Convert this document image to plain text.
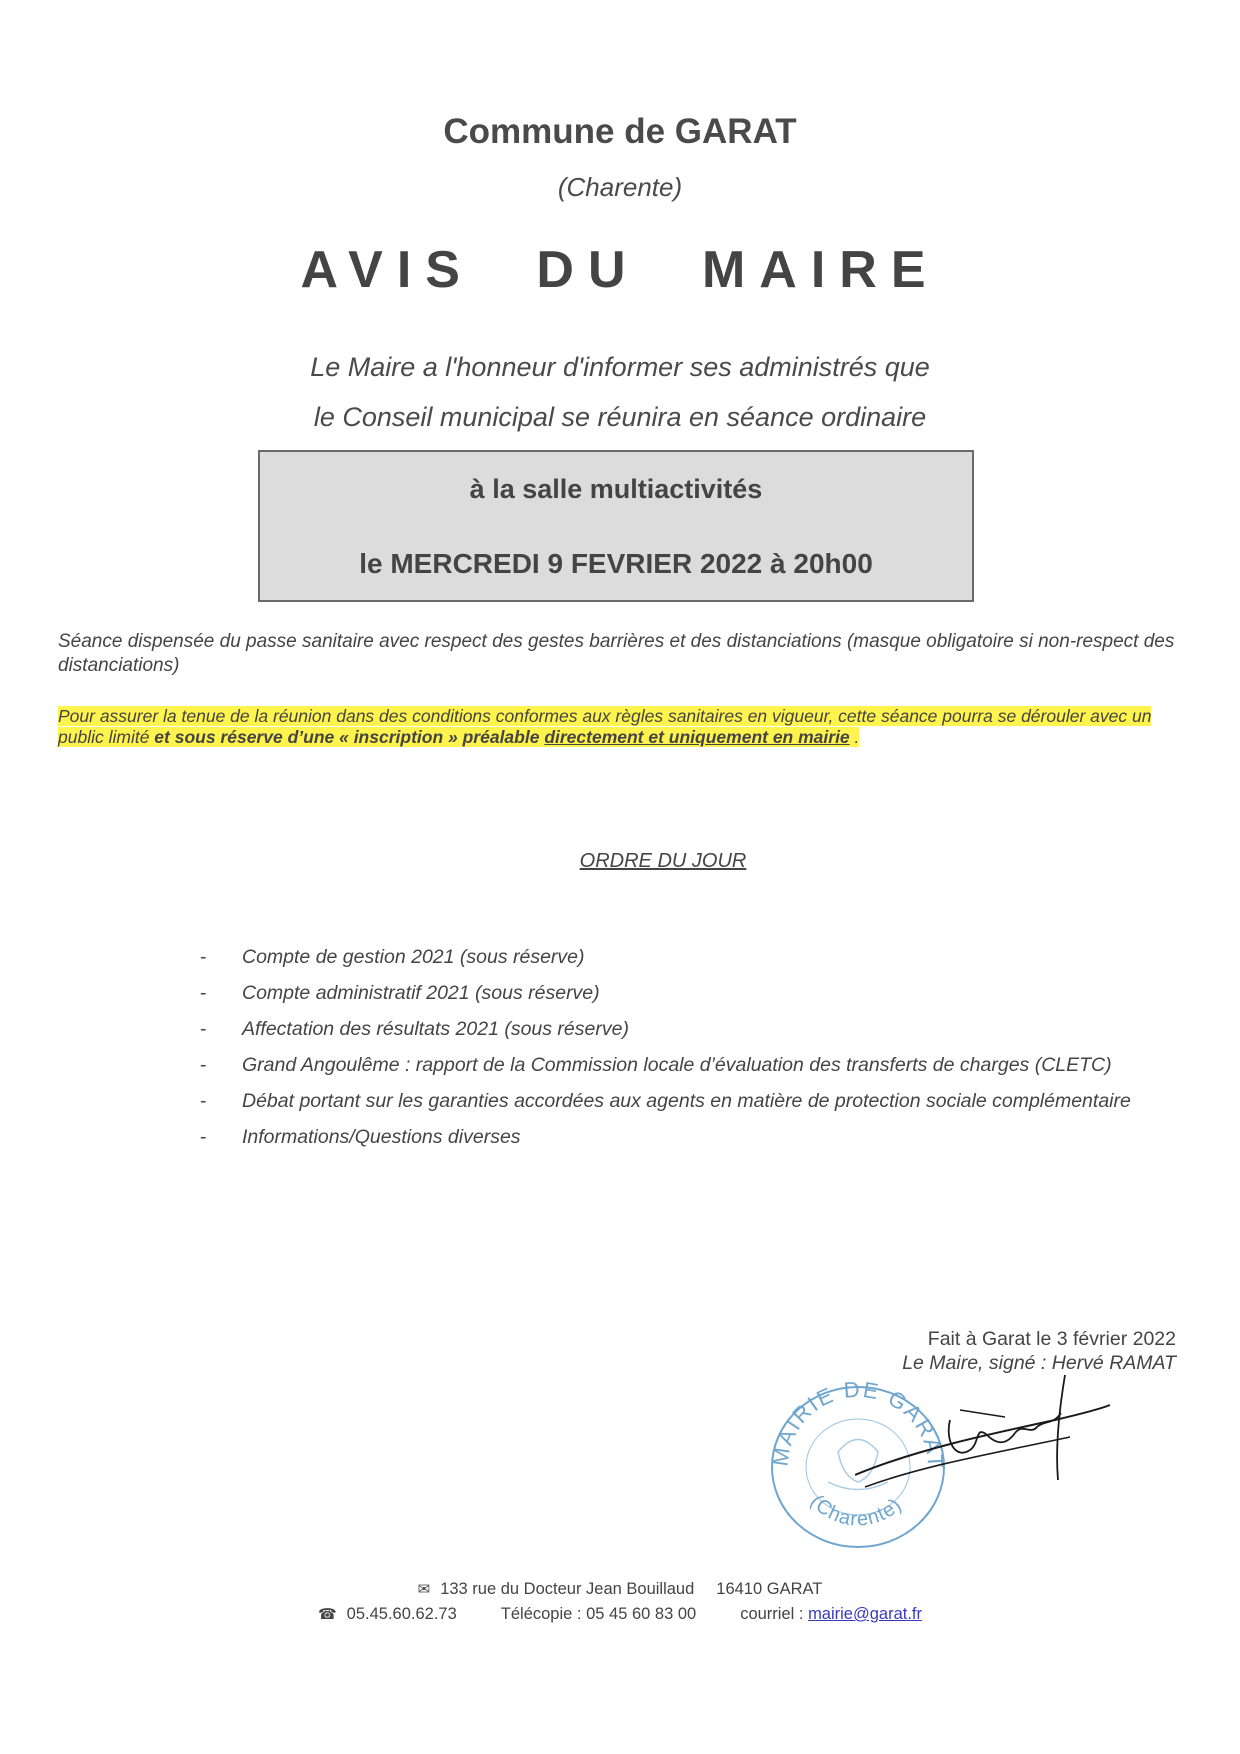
Commune de GARAT
(Charente)
AVIS DU MAIRE
Le Maire a l'honneur d'informer ses administrés que
le Conseil municipal se réunira en séance ordinaire
à la salle multiactivités
le MERCREDI 9 FEVRIER 2022 à 20h00
Séance dispensée du passe sanitaire avec respect des gestes barrières et des distanciations (masque obligatoire si non-respect des distanciations)
Pour assurer la tenue de la réunion dans des conditions conformes aux règles sanitaires en vigueur, cette séance pourra se dérouler avec un public limité et sous réserve d’une « inscription » préalable directement et uniquement en mairie .
ORDRE DU JOUR
- Compte de gestion 2021 (sous réserve)
- Compte administratif 2021 (sous réserve)
- Affectation des résultats 2021 (sous réserve)
- Grand Angoulême : rapport de la Commission locale d’évaluation des transferts de charges (CLETC)
- Débat portant sur les garanties accordées aux agents en matière de protection sociale complémentaire
- Informations/Questions diverses
Fait à Garat le 3 février 2022
Le Maire, signé : Hervé RAMAT
MAIRIE DE GARAT
(Charente)
✉ 133 rue du Docteur Jean Bouillaud 16410 GARAT
☎ 05.45.60.62.73	Télécopie : 05 45 60 83 00	courriel : mairie@garat.fr
